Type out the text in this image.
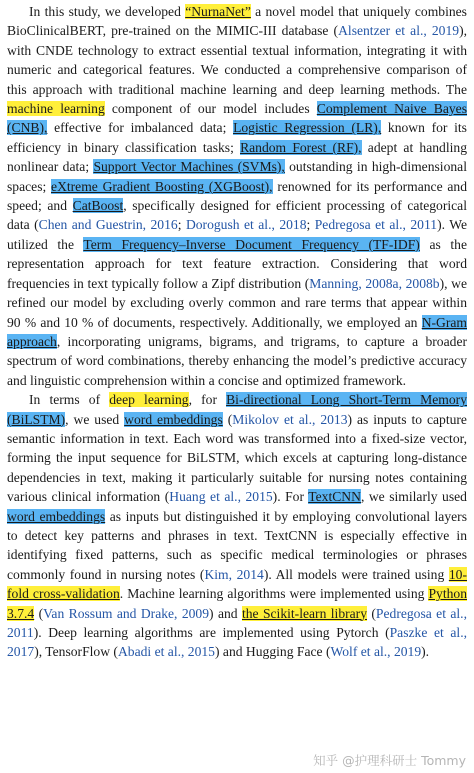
In this study, we developed “NurnaNet” a novel model that uniquely combines BioClinicalBERT, pre-trained on the MIMIC-III database (Alsentzer et al., 2019), with CNDE technology to extract essential textual information, integrating it with numeric and categorical features. We conducted a comprehensive comparison of this approach with traditional machine learning and deep learning methods. The machine learning component of our model includes Complement Naive Bayes (CNB), effective for imbalanced data; Logistic Regression (LR), known for its efficiency in binary classification tasks; Random Forest (RF), adept at handling nonlinear data; Support Vector Machines (SVMs), outstanding in high-dimensional spaces; eXtreme Gradient Boosting (XGBoost), renowned for its performance and speed; and CatBoost, specifically designed for efficient processing of categorical data (Chen and Guestrin, 2016; Dorogush et al., 2018; Pedregosa et al., 2011). We utilized the Term Frequency–Inverse Document Frequency (TF-IDF) as the representation approach for text feature extraction. Considering that word frequencies in text typically follow a Zipf distribution (Manning, 2008a, 2008b), we refined our model by excluding overly common and rare terms that appear within 90 % and 10 % of documents, respectively. Additionally, we employed an N-Gram approach, incorporating unigrams, bigrams, and trigrams, to capture a broader spectrum of word combinations, thereby enhancing the model’s predictive accuracy and linguistic comprehension within a concise and optimized framework.

In terms of deep learning, for Bi-directional Long Short-Term Memory (BiLSTM), we used word embeddings (Mikolov et al., 2013) as inputs to capture semantic information in text. Each word was transformed into a fixed-size vector, forming the input sequence for BiLSTM, which excels at capturing long-distance dependencies in text, making it particularly suitable for nursing notes containing various clinical information (Huang et al., 2015). For TextCNN, we similarly used word embeddings as inputs but distinguished it by employing convolutional layers to detect key patterns and phrases in text. TextCNN is especially effective in identifying fixed patterns, such as specific medical terminologies or phrases commonly found in nursing notes (Kim, 2014). All models were trained using 10-fold cross-validation. Machine learning algorithms were implemented using Python 3.7.4 (Van Rossum and Drake, 2009) and the Scikit-learn library (Pedregosa et al., 2011). Deep learning algorithms are implemented using Pytorch (Paszke et al., 2017), TensorFlow (Abadi et al., 2015) and Hugging Face (Wolf et al., 2019).

知乎 @护理科研士 Tommy
